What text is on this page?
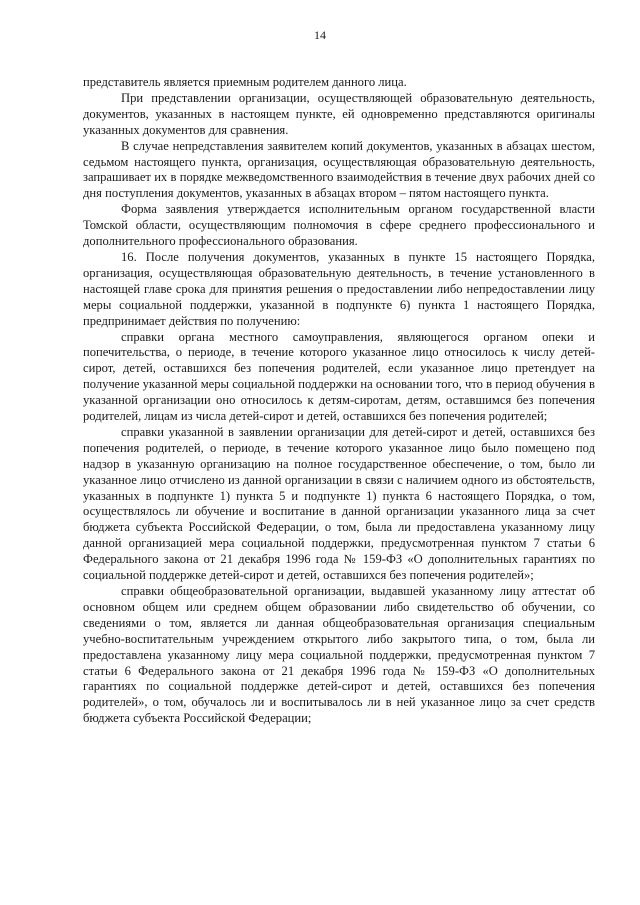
14

представитель является приемным родителем данного лица.

При представлении организации, осуществляющей образовательную деятельность, документов, указанных в настоящем пункте, ей одновременно представляются оригиналы указанных документов для сравнения.

В случае непредставления заявителем копий документов, указанных в абзацах шестом, седьмом настоящего пункта, организация, осуществляющая образовательную деятельность, запрашивает их в порядке межведомственного взаимодействия в течение двух рабочих дней со дня поступления документов, указанных в абзацах втором – пятом настоящего пункта.

Форма заявления утверждается исполнительным органом государственной власти Томской области, осуществляющим полномочия в сфере среднего профессионального и дополнительного профессионального образования.

16. После получения документов, указанных в пункте 15 настоящего Порядка, организация, осуществляющая образовательную деятельность, в течение установленного в настоящей главе срока для принятия решения о предоставлении либо непредоставлении лицу меры социальной поддержки, указанной в подпункте 6) пункта 1 настоящего Порядка, предпринимает действия по получению:

справки органа местного самоуправления, являющегося органом опеки и попечительства, о периоде, в течение которого указанное лицо относилось к числу детей-сирот, детей, оставшихся без попечения родителей, если указанное лицо претендует на получение указанной меры социальной поддержки на основании того, что в период обучения в указанной организации оно относилось к детям-сиротам, детям, оставшимся без попечения родителей, лицам из числа детей-сирот и детей, оставшихся без попечения родителей;

справки указанной в заявлении организации для детей-сирот и детей, оставшихся без попечения родителей, о периоде, в течение которого указанное лицо было помещено под надзор в указанную организацию на полное государственное обеспечение, о том, было ли указанное лицо отчислено из данной организации в связи с наличием одного из обстоятельств, указанных в подпункте 1) пункта 5 и подпункте 1) пункта 6 настоящего Порядка, о том, осуществлялось ли обучение и воспитание в данной организации указанного лица за счет бюджета субъекта Российской Федерации, о том, была ли предоставлена указанному лицу данной организацией мера социальной поддержки, предусмотренная пунктом 7 статьи 6 Федерального закона от 21 декабря 1996 года № 159-ФЗ «О дополнительных гарантиях по социальной поддержке детей-сирот и детей, оставшихся без попечения родителей»;

справки общеобразовательной организации, выдавшей указанному лицу аттестат об основном общем или среднем общем образовании либо свидетельство об обучении, со сведениями о том, является ли данная общеобразовательная организация специальным учебно-воспитательным учреждением открытого либо закрытого типа, о том, была ли предоставлена указанному лицу мера социальной поддержки, предусмотренная пунктом 7 статьи 6 Федерального закона от 21 декабря 1996 года № 159-ФЗ «О дополнительных гарантиях по социальной поддержке детей-сирот и детей, оставшихся без попечения родителей», о том, обучалось ли и воспитывалось ли в ней указанное лицо за счет средств бюджета субъекта Российской Федерации;
